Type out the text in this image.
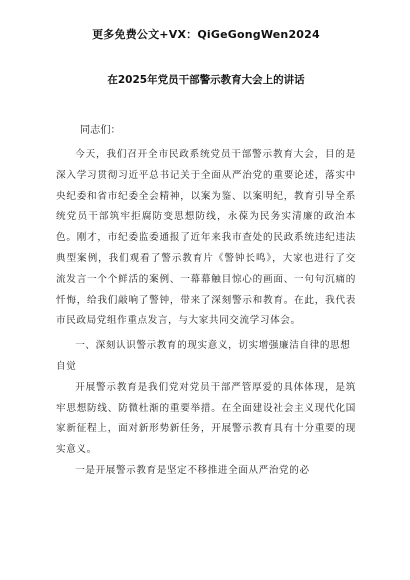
更多免费公文+VX：QiGeGongWen2024
在2025年党员干部警示教育大会上的讲话
同志们：

今天，我们召开全市民政系统党员干部警示教育大会，目的是深入学习贯彻习近平总书记关于全面从严治党的重要论述，落实中央纪委和省市纪委全会精神，以案为鉴、以案明纪，教育引导全系统党员干部筑牢拒腐防变思想防线，永葆为民务实清廉的政治本色。刚才，市纪委监委通报了近年来我市查处的民政系统违纪违法典型案例，我们观看了警示教育片《警钟长鸣》，大家也进行了交流发言一个个鲜活的案例、一幕幕触目惊心的画面、一句句沉痛的忏悔，给我们敲响了警钟，带来了深刻警示和教育。在此，我代表市民政局党组作重点发言，与大家共同交流学习体会。

一、深刻认识警示教育的现实意义，切实增强廉洁自律的思想自觉

开展警示教育是我们党对党员干部严管厚爱的具体体现，是筑牢思想防线、防微杜渐的重要举措。在全面建设社会主义现代化国家新征程上，面对新形势新任务，开展警示教育具有十分重要的现实意义。

一是开展警示教育是坚定不移推进全面从严治党的必
